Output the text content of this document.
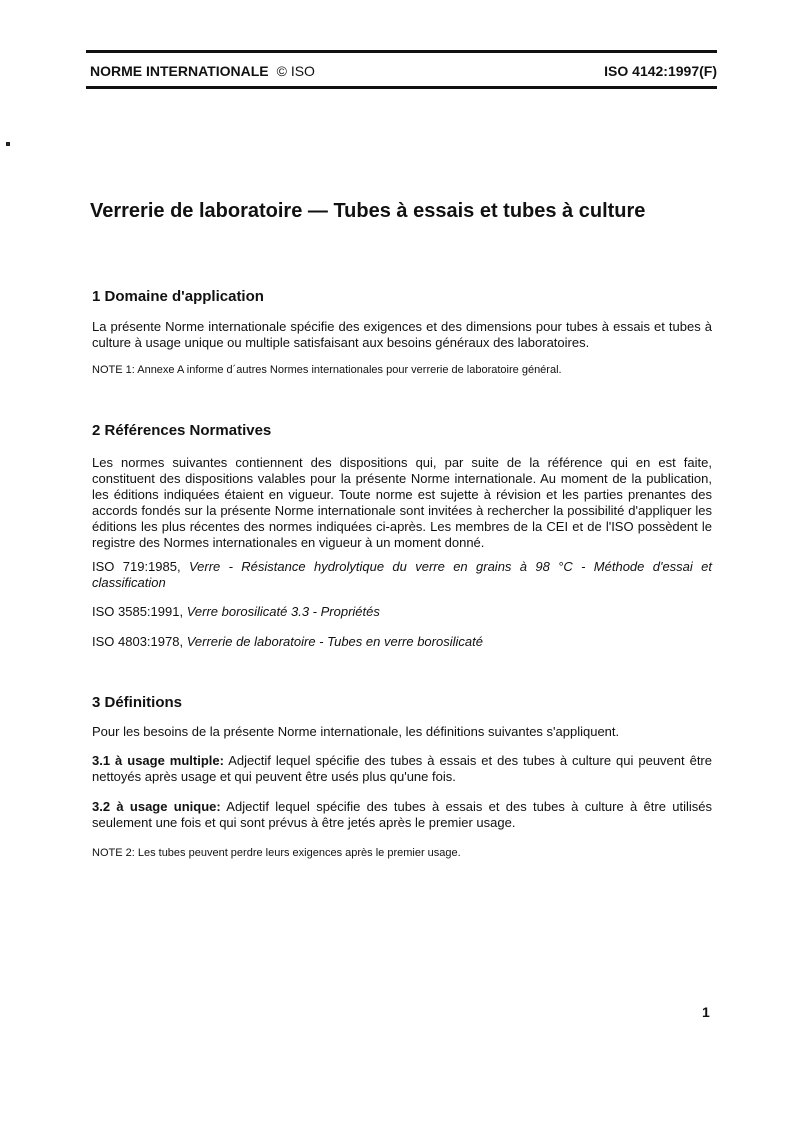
NORME INTERNATIONALE © ISO	ISO 4142:1997(F)
Verrerie de laboratoire — Tubes à essais et tubes à culture
1 Domaine d'application

La présente Norme internationale spécifie des exigences et des dimensions pour tubes à essais et tubes à culture à usage unique ou multiple satisfaisant aux besoins généraux des laboratoires.

NOTE 1: Annexe A informe d´autres Normes internationales pour verrerie de laboratoire général.

2 Références Normatives

Les normes suivantes contiennent des dispositions qui, par suite de la référence qui en est faite, constituent des dispositions valables pour la présente Norme internationale. Au moment de la publication, les éditions indiquées étaient en vigueur. Toute norme est sujette à révision et les parties prenantes des accords fondés sur la présente Norme internationale sont invitées à rechercher la possibilité d'appliquer les éditions les plus récentes des normes indiquées ci-après. Les membres de la CEI et de l'ISO possèdent le registre des Normes internationales en vigueur à un moment donné.

ISO 719:1985, Verre - Résistance hydrolytique du verre en grains à 98 °C - Méthode d'essai et classification

ISO 3585:1991, Verre borosilicaté 3.3 - Propriétés

ISO 4803:1978, Verrerie de laboratoire - Tubes en verre borosilicaté

3 Définitions

Pour les besoins de la présente Norme internationale, les définitions suivantes s'appliquent.

3.1 à usage multiple: Adjectif lequel spécifie des tubes à essais et des tubes à culture qui peuvent être nettoyés après usage et qui peuvent être usés plus qu'une fois.

3.2 à usage unique: Adjectif lequel spécifie des tubes à essais et des tubes à culture à être utilisés seulement une fois et qui sont prévus à être jetés après le premier usage.

NOTE 2: Les tubes peuvent perdre leurs exigences après le premier usage.

1
